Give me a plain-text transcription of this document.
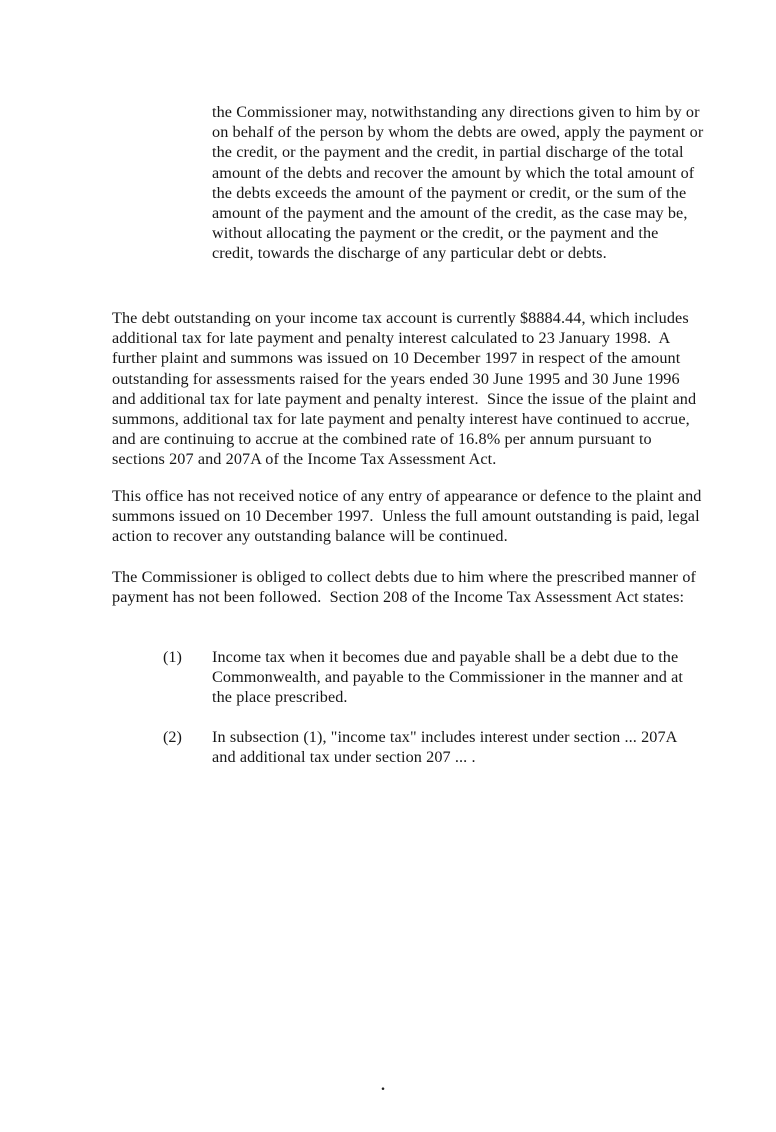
the Commissioner may, notwithstanding any directions given to him by or on behalf of the person by whom the debts are owed, apply the payment or the credit, or the payment and the credit, in partial discharge of the total amount of the debts and recover the amount by which the total amount of the debts exceeds the amount of the payment or credit, or the sum of the amount of the payment and the amount of the credit, as the case may be, without allocating the payment or the credit, or the payment and the credit, towards the discharge of any particular debt or debts.
The debt outstanding on your income tax account is currently $8884.44, which includes additional tax for late payment and penalty interest calculated to 23 January 1998.  A further plaint and summons was issued on 10 December 1997 in respect of the amount outstanding for assessments raised for the years ended 30 June 1995 and 30 June 1996 and additional tax for late payment and penalty interest.  Since the issue of the plaint and summons, additional tax for late payment and penalty interest have continued to accrue, and are continuing to accrue at the combined rate of 16.8% per annum pursuant to sections 207 and 207A of the Income Tax Assessment Act.
This office has not received notice of any entry of appearance or defence to the plaint and summons issued on 10 December 1997.  Unless the full amount outstanding is paid, legal action to recover any outstanding balance will be continued.
The Commissioner is obliged to collect debts due to him where the prescribed manner of payment has not been followed.  Section 208 of the Income Tax Assessment Act states:
(1)	Income tax when it becomes due and payable shall be a debt due to the Commonwealth, and payable to the Commissioner in the manner and at the place prescribed.
(2)	In subsection (1), "income tax" includes interest under section ... 207A and additional tax under section 207 ... .
.
